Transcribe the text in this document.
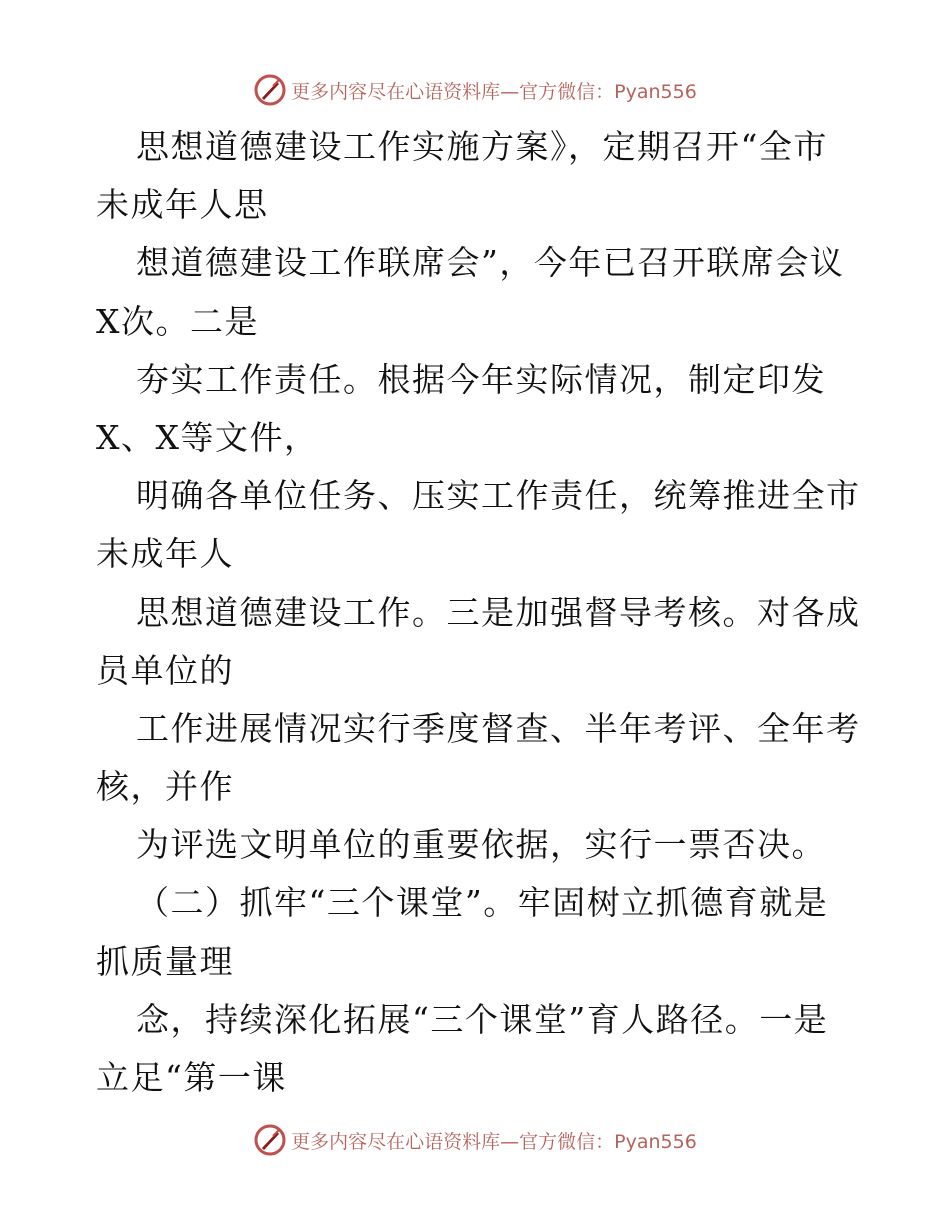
更多内容尽在心语资料库—官方微信：Pyan556
思想道德建设工作实施方案》，定期召开“全市
未成年人思
想道德建设工作联席会”，今年已召开联席会议
X次。二是
夯实工作责任。根据今年实际情况，制定印发
X、X等文件，
明确各单位任务、压实工作责任，统筹推进全市
未成年人
思想道德建设工作。三是加强督导考核。对各成
员单位的
工作进展情况实行季度督查、半年考评、全年考
核，并作
为评选文明单位的重要依据，实行一票否决。
（二）抓牢“三个课堂”。牢固树立抓德育就是
抓质量理
念，持续深化拓展“三个课堂”育人路径。一是
立足“第一课
更多内容尽在心语资料库—官方微信：Pyan556
